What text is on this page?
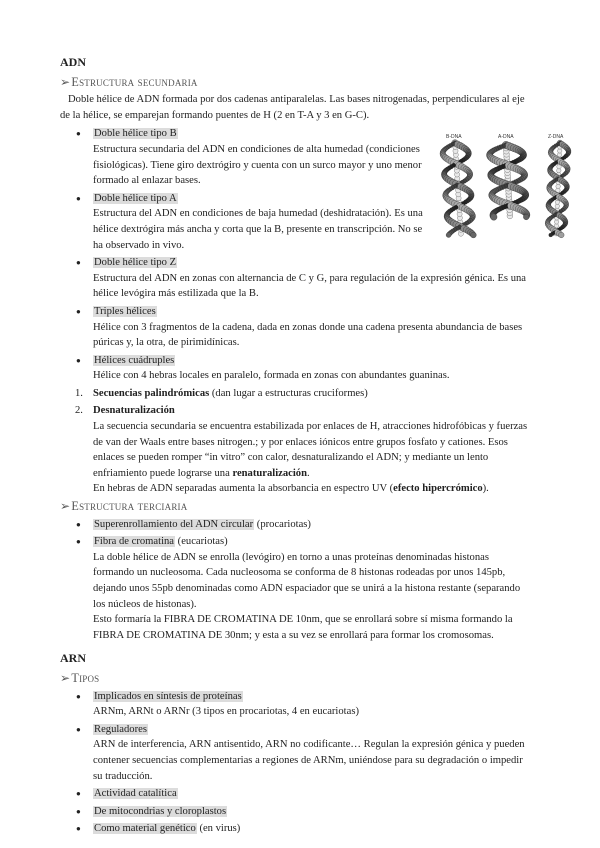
ADN
➢Estructura secundaria

Doble hélice de ADN formada por dos cadenas antiparalelas. Las bases nitrogenadas, perpendiculares al eje de la hélice, se emparejan formando puentes de H (2 en T-A y 3 en G-C).

● Doble hélice tipo B
Estructura secundaria del ADN en condiciones de alta humedad (condiciones fisiológicas). Tiene giro dextrógiro y cuenta con un surco mayor y uno menor formado al enlazar bases.
● Doble hélice tipo A
Estructura del ADN en condiciones de baja humedad (deshidratación). Es una hélice dextrógira más ancha y corta que la B, presente en transcripción. No se ha observado in vivo.
● Doble hélice tipo Z
Estructura del ADN en zonas con alternancia de C y G, para regulación de la expresión génica. Es una hélice levógira más estilizada que la B.
● Triples hélices
Hélice con 3 fragmentos de la cadena, dada en zonas donde una cadena presenta abundancia de bases púricas y, la otra, de pirimidínicas.
● Hélices cuádruples
Hélice con 4 hebras locales en paralelo, formada en zonas con abundantes guaninas.
1. Secuencias palindrómicas (dan lugar a estructuras cruciformes)
2. Desnaturalización
La secuencia secundaria se encuentra estabilizada por enlaces de H, atracciones hidrofóbicas y fuerzas de van der Waals entre bases nitrogen.; y por enlaces iónicos entre grupos fosfato y cationes. Esos enlaces se pueden romper “in vitro” con calor, desnaturalizando el ADN; y mediante un lento enfriamiento puede lograrse una renaturalización.
En hebras de ADN separadas aumenta la absorbancia en espectro UV (efecto hipercrómico).
➢Estructura terciaria
● Superenrollamiento del ADN circular (procariotas)
● Fibra de cromatina (eucariotas)
La doble hélice de ADN se enrolla (levógiro) en torno a unas proteínas denominadas histonas formando un nucleosoma. Cada nucleosoma se conforma de 8 histonas rodeadas por unos 145pb, dejando unos 55pb denominadas como ADN espaciador que se unirá a la histona restante (separando los núcleos de histonas).
Esto formaría la FIBRA DE CROMATINA DE 10nm, que se enrollará sobre sí misma formando la FIBRA DE CROMATINA DE 30nm; y esta a su vez se enrollará para formar los cromosomas.
ARN
➢Tipos
● Implicados en síntesis de proteínas
ARNm, ARNt o ARNr (3 tipos en procariotas, 4 en eucariotas)
● Reguladores
ARN de interferencia, ARN antisentido, ARN no codificante… Regulan la expresión génica y pueden contener secuencias complementarias a regiones de ARNm, uniéndose para su degradación o impedir su traducción.
● Actividad catalítica
● De mitocondrias y cloroplastos
● Como material genético (en virus)
B-DNA	A-DNA	Z-DNA
